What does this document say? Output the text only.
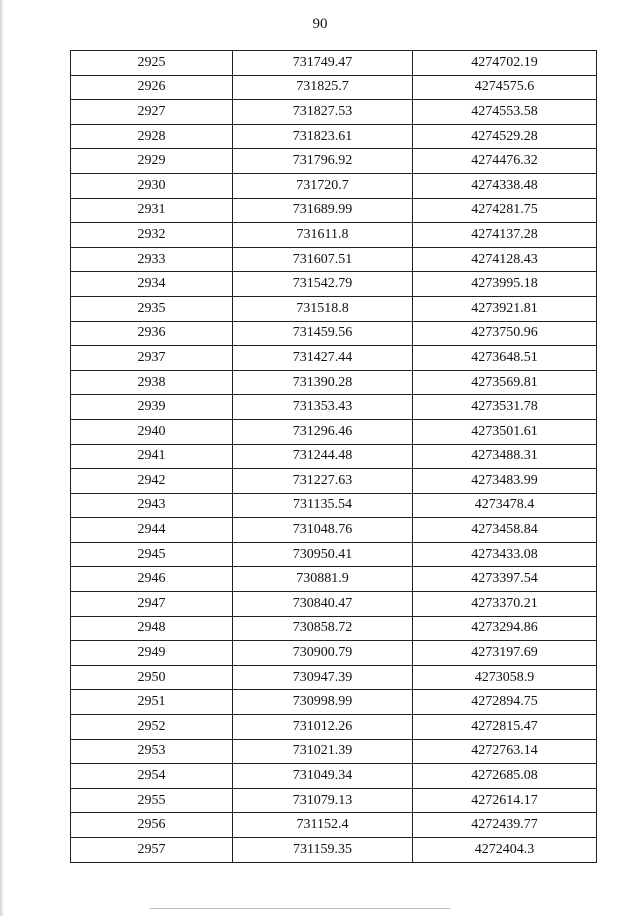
90
2925	731749.47	4274702.19
2926	731825.7	4274575.6
2927	731827.53	4274553.58
2928	731823.61	4274529.28
2929	731796.92	4274476.32
2930	731720.7	4274338.48
2931	731689.99	4274281.75
2932	731611.8	4274137.28
2933	731607.51	4274128.43
2934	731542.79	4273995.18
2935	731518.8	4273921.81
2936	731459.56	4273750.96
2937	731427.44	4273648.51
2938	731390.28	4273569.81
2939	731353.43	4273531.78
2940	731296.46	4273501.61
2941	731244.48	4273488.31
2942	731227.63	4273483.99
2943	731135.54	4273478.4
2944	731048.76	4273458.84
2945	730950.41	4273433.08
2946	730881.9	4273397.54
2947	730840.47	4273370.21
2948	730858.72	4273294.86
2949	730900.79	4273197.69
2950	730947.39	4273058.9
2951	730998.99	4272894.75
2952	731012.26	4272815.47
2953	731021.39	4272763.14
2954	731049.34	4272685.08
2955	731079.13	4272614.17
2956	731152.4	4272439.77
2957	731159.35	4272404.3
